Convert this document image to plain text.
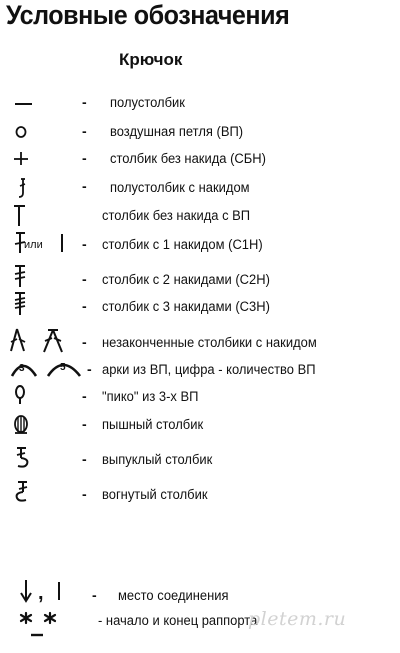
Условные обозначения
Крючок
- полустолбик
- воздушная петля (ВП)
- столбик без накида (СБН)
- полустолбик с накидом
столбик без накида с ВП
или	- столбик с 1 накидом (С1Н)
- столбик с 2 накидами (С2Н)
- столбик с 3 накидами (С3Н)
- незаконченные столбики с накидом
3	5 - арки из ВП, цифра - количество ВП
- "пико" из 3-х ВП
- пышный столбик
- выпуклый столбик
- вогнутый столбик
,	- место соединения
- начало и конец раппорта
pletem.ru
